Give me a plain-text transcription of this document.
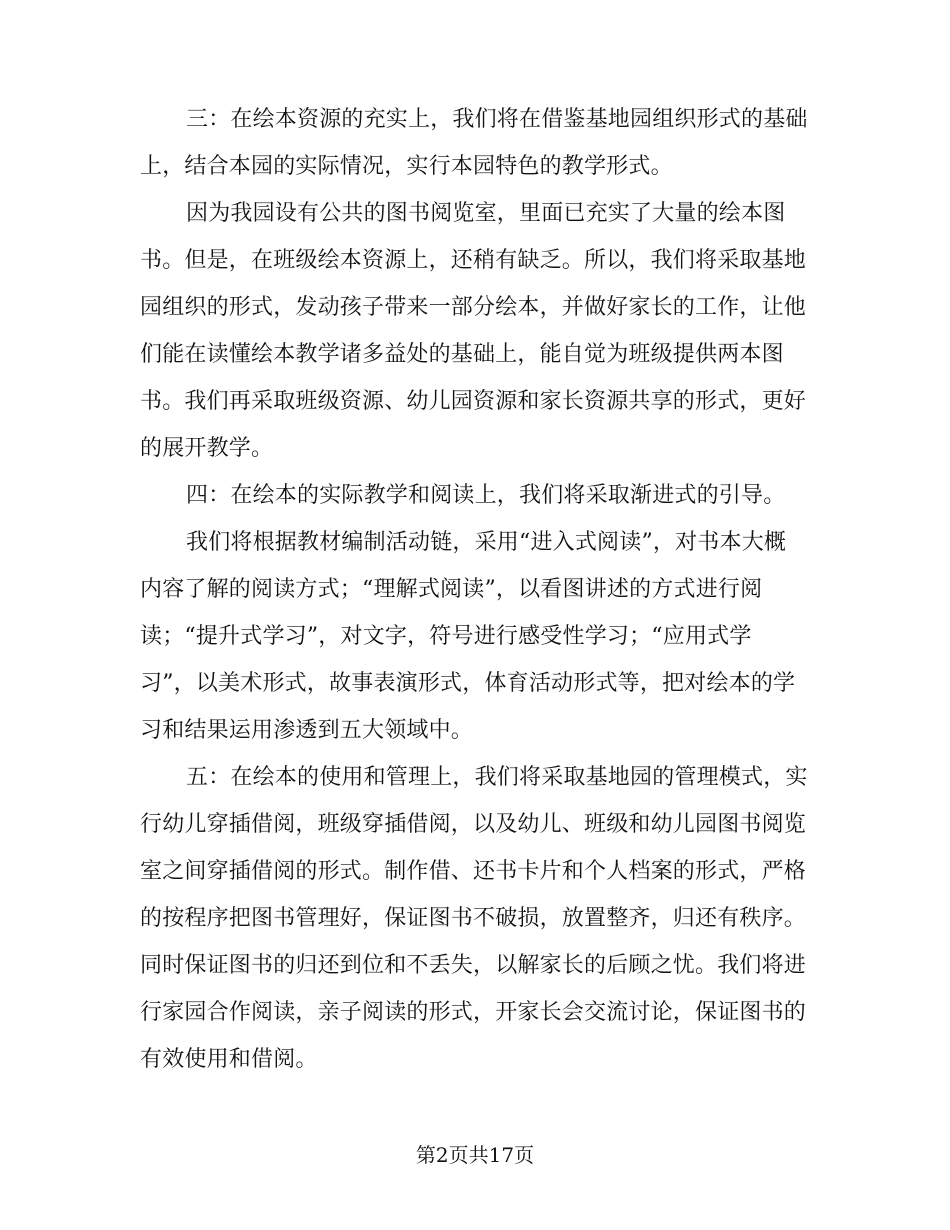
三：在绘本资源的充实上，我们将在借鉴基地园组织形式的基础
上，结合本园的实际情况，实行本园特色的教学形式。
因为我园设有公共的图书阅览室，里面已充实了大量的绘本图
书。但是，在班级绘本资源上，还稍有缺乏。所以，我们将采取基地
园组织的形式，发动孩子带来一部分绘本，并做好家长的工作，让他
们能在读懂绘本教学诸多益处的基础上，能自觉为班级提供两本图
书。我们再采取班级资源、幼儿园资源和家长资源共享的形式，更好
的展开教学。
四：在绘本的实际教学和阅读上，我们将采取渐进式的引导。
我们将根据教材编制活动链，采用“进入式阅读”，对书本大概
内容了解的阅读方式；“理解式阅读”，以看图讲述的方式进行阅
读；“提升式学习”，对文字，符号进行感受性学习；“应用式学
习”，以美术形式，故事表演形式，体育活动形式等，把对绘本的学
习和结果运用渗透到五大领域中。
五：在绘本的使用和管理上，我们将采取基地园的管理模式，实
行幼儿穿插借阅，班级穿插借阅，以及幼儿、班级和幼儿园图书阅览
室之间穿插借阅的形式。制作借、还书卡片和个人档案的形式，严格
的按程序把图书管理好，保证图书不破损，放置整齐，归还有秩序。
同时保证图书的归还到位和不丢失，以解家长的后顾之忧。我们将进
行家园合作阅读，亲子阅读的形式，开家长会交流讨论，保证图书的
有效使用和借阅。
第2页共17页
